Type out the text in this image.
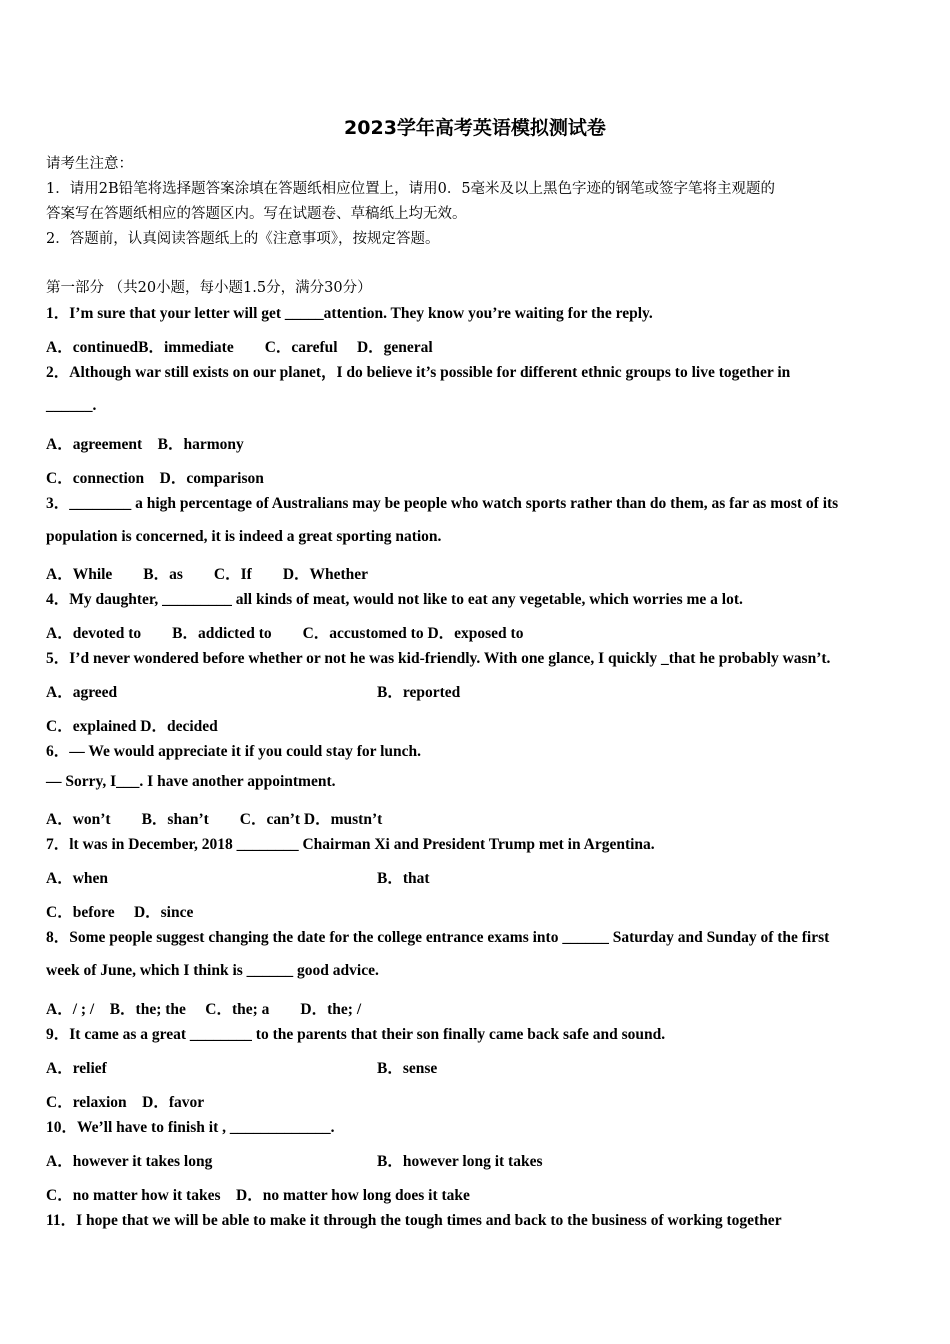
2023学年高考英语模拟测试卷
请考生注意：
1．请用2B铅笔将选择题答案涂填在答题纸相应位置上，请用0．5毫米及以上黑色字迹的钢笔或签字笔将主观题的
答案写在答题纸相应的答题区内。写在试题卷、草稿纸上均无效。
2．答题前，认真阅读答题纸上的《注意事项》，按规定答题。
第一部分 （共20小题，每小题1.5分，满分30分）
1．I’m sure that your letter will get _____attention. They know you’re waiting for the reply.
A．continuedB．immediate　　C．careful　 D．general
2．Although war still exists on our planet，I do believe it’s possible for different ethnic groups to live together in
______.
A．agreement　B．harmony
C．connection　D．comparison
3．________ a high percentage of Australians may be people who watch sports rather than do them, as far as most of its
population is concerned, it is indeed a great sporting nation.
A．While　　B．as　　C．If　　D．Whether
4．My daughter, _________ all kinds of meat, would not like to eat any vegetable, which worries me a lot.
A．devoted to　　B．addicted to　　C．accustomed to D．exposed to
5．I’d never wondered before whether or not he was kid-friendly. With one glance, I quickly _that he probably wasn’t.
A．agreed	B．reported
C．explained D．decided
6．— We would appreciate it if you could stay for lunch.
— Sorry, I___. I have another appointment.
A．won’t　　B．shan’t　　C．can’t D．mustn’t
7．lt was in December, 2018 ________ Chairman Xi and President Trump met in Argentina.
A．when	B．that
C．before　 D．since
8．Some people suggest changing the date for the college entrance exams into ______ Saturday and Sunday of the first
week of June, which I think is ______ good advice.
A．/ ; /　B．the; the　 C．the; a　　D．the; /
9．It came as a great ________ to the parents that their son finally came back safe and sound.
A．relief	B．sense
C．relaxion　D．favor
10．We’ll have to finish it , _____________.
A．however it takes long	B．however long it takes
C．no matter how it takes　D．no matter how long does it take
11．I hope that we will be able to make it through the tough times and back to the business of working together
